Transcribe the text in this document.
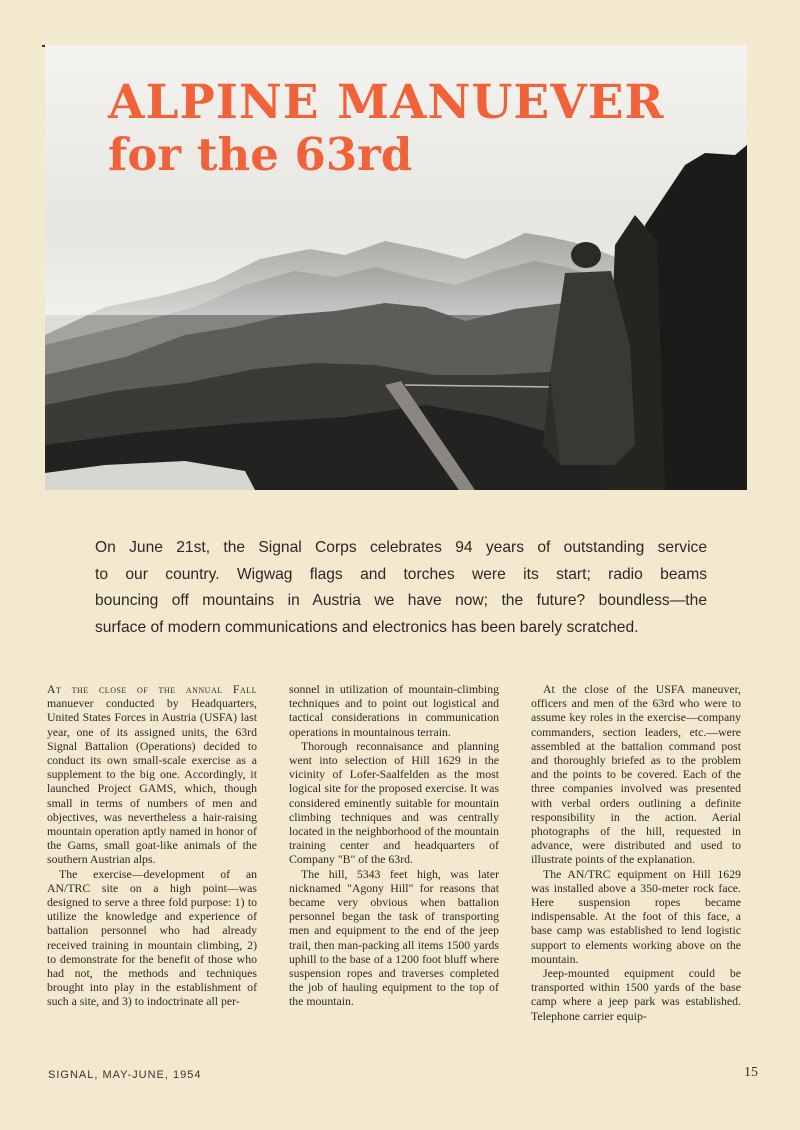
ALPINE MANUEVER
for the 63rd
On June 21st, the Signal Corps celebrates 94 years of outstanding service
to our country. Wigwag flags and torches were its start; radio beams
bouncing off mountains in Austria we have now; the future? boundless—the
surface of modern communications and electronics has been barely scratched.

At the close of the annual Fall manuever conducted by Headquarters, United States Forces in Austria (USFA) last year, one of its assigned units, the 63rd Signal Battalion (Operations) decided to conduct its own small-scale exercise as a supplement to the big one. Accordingly, it launched Project GAMS, which, though small in terms of numbers of men and objectives, was nevertheless a hair-raising mountain operation aptly named in honor of the Gams, small goat-like animals of the southern Austrian alps.

The exercise—development of an AN/TRC site on a high point—was designed to serve a three fold purpose: 1) to utilize the knowledge and experience of battalion personnel who had already received training in mountain climbing, 2) to demonstrate for the benefit of those who had not, the methods and techniques brought into play in the establishment of such a site, and 3) to indoctrinate all per-

sonnel in utilization of mountain-climbing techniques and to point out logistical and tactical considerations in communication operations in mountainous terrain.

Thorough reconnaisance and planning went into selection of Hill 1629 in the vicinity of Lofer-Saalfelden as the most logical site for the proposed exercise. It was considered eminently suitable for mountain climbing techniques and was centrally located in the neighborhood of the mountain training center and headquarters of Company "B" of the 63rd.

The hill, 5343 feet high, was later nicknamed "Agony Hill" for reasons that became very obvious when battalion personnel began the task of transporting men and equipment to the end of the jeep trail, then man-packing all items 1500 yards uphill to the base of a 1200 foot bluff where suspension ropes and traverses completed the job of hauling equipment to the top of the mountain.

At the close of the USFA maneuver, officers and men of the 63rd who were to assume key roles in the exercise—company commanders, section leaders, etc.—were assembled at the battalion command post and thoroughly briefed as to the problem and the points to be covered. Each of the three companies involved was presented with verbal orders outlining a definite responsibility in the action. Aerial photographs of the hill, requested in advance, were distributed and used to illustrate points of the explanation.

The AN/TRC equipment on Hill 1629 was installed above a 350-meter rock face. Here suspension ropes became indispensable. At the foot of this face, a base camp was established to lend logistic support to elements working above on the mountain.

Jeep-mounted equipment could be transported within 1500 yards of the base camp where a jeep park was established. Telephone carrier equip-

SIGNAL, MAY-JUNE, 1954	15
